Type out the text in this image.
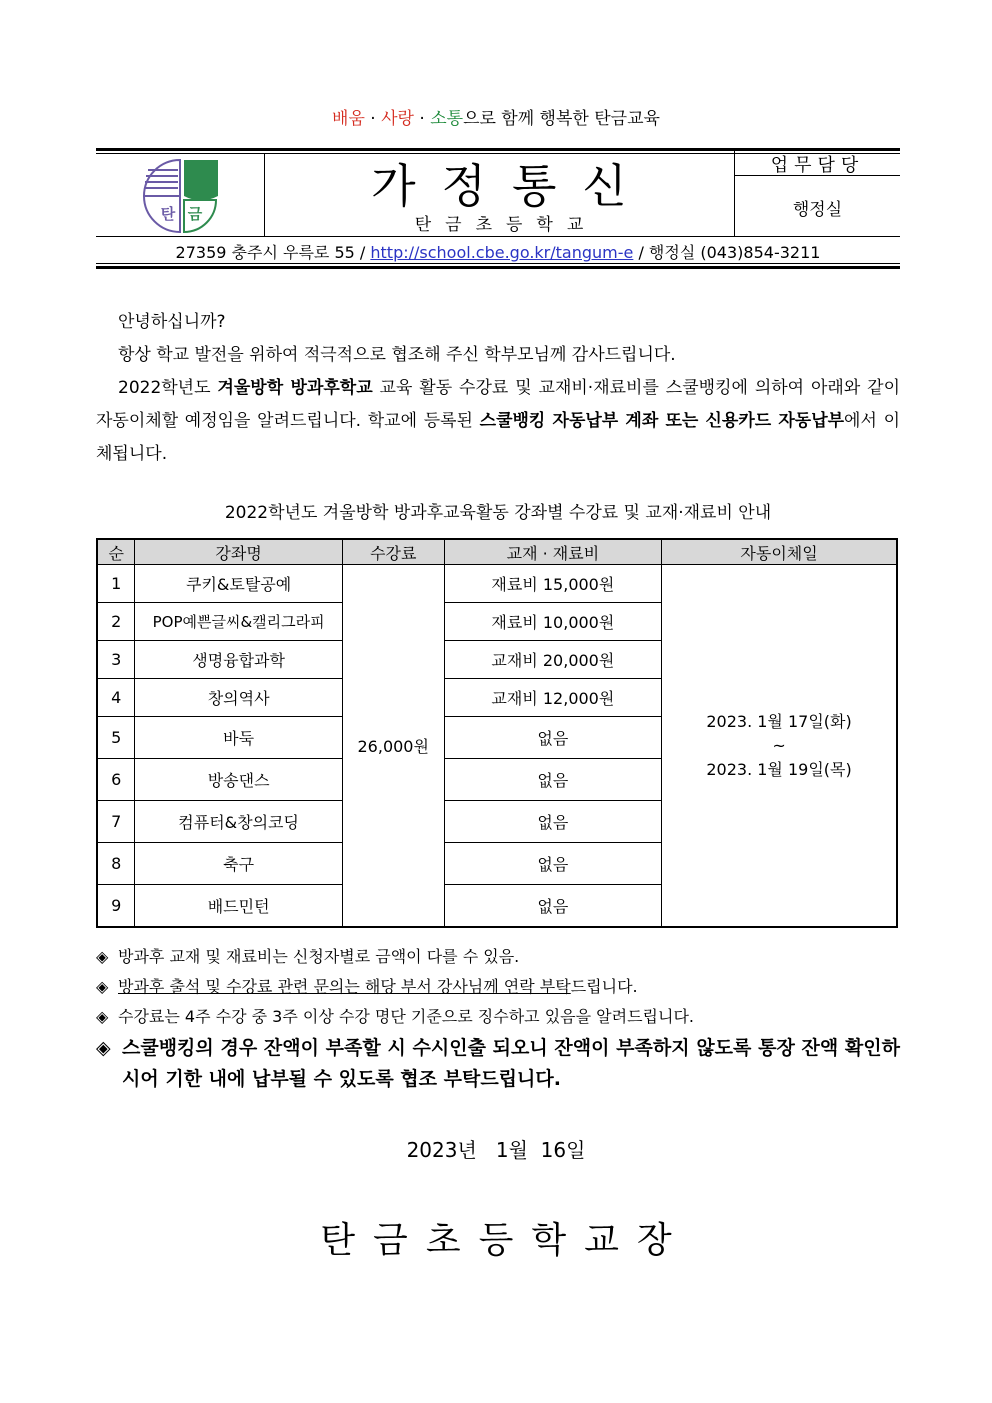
배움 · 사랑 · 소통으로 함께 행복한 탄금교육
탄 금
가정통신
탄금초등학교
업무담당
행정실
27359 충주시 우륵로 55 / http://school.cbe.go.kr/tangum-e / 행정실 (043)854-3211
안녕하십니까?
항상 학교 발전을 위하여 적극적으로 협조해 주신 학부모님께 감사드립니다.
2022학년도 겨울방학 방과후학교 교육 활동 수강료 및 교재비·재료비를 스쿨뱅킹에 의하여 아래와 같이 자동이체할 예정임을 알려드립니다. 학교에 등록된 스쿨뱅킹 자동납부 계좌 또는 신용카드 자동납부에서 이체됩니다.
2022학년도 겨울방학 방과후교육활동 강좌별 수강료 및 교재·재료비 안내
순	강좌명	수강료	교재 · 재료비	자동이체일
1	쿠키&토탈공예	26,000원	재료비 15,000원	2023. 1월 17일(화)
~
2023. 1월 19일(목)

2	POP예쁜글씨&캘리그라피		재료비 10,000원	
3	생명융합과학		교재비 20,000원	
4	창의역사		교재비 12,000원	
5	바둑		없음	
6	방송댄스		없음	
7	컴퓨터&창의코딩		없음	
8	축구		없음	
9	배드민턴		없음	
◈ 방과후 교재 및 재료비는 신청자별로 금액이 다를 수 있음.
◈ 방과후 출석 및 수강료 관련 문의는 해당 부서 강사님께 연락 부탁드립니다.
◈ 수강료는 4주 수강 중 3주 이상 수강 명단 기준으로 징수하고 있음을 알려드립니다.
◈ 스쿨뱅킹의 경우 잔액이 부족할 시 수시인출 되오니 잔액이 부족하지 않도록 통장 잔액 확인하시어 기한 내에 납부될 수 있도록 협조 부탁드립니다.
2023년   1월  16일
탄금초등학교장
